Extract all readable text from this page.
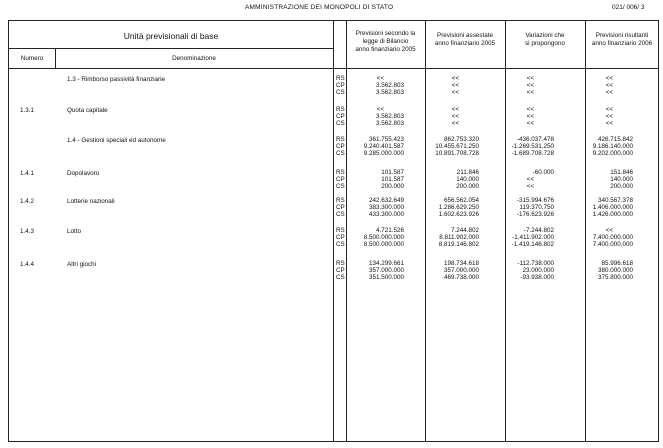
AMMINISTRAZIONE DEI MONOPOLI DI STATO	021/ 006/ 3
Unità previsionali di base
Numero	Denominazione
Previsioni secondo la
legge di Bilancio
anno finanziario 2005
Previsioni assestate
anno finanziario 2005
Variazioni che
si propongono
Previsioni risultanti
anno finanziario 2006
1.3 - Rimborso passività finanziarie	RS	<<	<<	<<	<<
CP	3.562.803	<<	<<	<<
CS	3.562.803	<<	<<	<<
1.3.1	Quota capitale	RS	<<	<<	<<	<<
CP	3.562.803	<<	<<	<<
CS	3.562.803	<<	<<	<<
1.4 - Gestioni speciali ed autonome	RS	361.755.423	862.753.320	-436.037.478	426.715.842
CP	9.240.401.587	10.455.671.250	-1.269.531.250	9.186.140.000
CS	9.285.000.000	10.891.708.728	-1.689.708.728	9.202.000.000
1.4.1	Dopolavoro	RS	101.587	211.846	-60.000	151.846
CP	101.587	140.000	<<	140.000
CS	200.000	200.000	<<	200.000
1.4.2	Lotterie nazionali	RS	242.632.649	656.562.054	-315.994.676	340.567.378
CP	383.300.000	1.286.629.250	119.370.750	1.406.000.000
CS	433.300.000	1.602.623.926	-176.623.926	1.426.000.000
1.4.3	Lotto	RS	4.721.526	7.244.802	-7.244.802	<<
CP	8.500.000.000	8.811.902.000	-1.411.902.000	7.400.000.000
CS	8.500.000.000	8.819.146.802	-1.419.146.802	7.400.000.000
1.4.4	Altri giochi	RS	134.299.661	198.734.618	-112.738.000	85.996.618
CP	357.000.000	357.000.000	23.000.000	380.000.000
CS	351.500.000	469.738.000	-93.938.000	375.800.000
